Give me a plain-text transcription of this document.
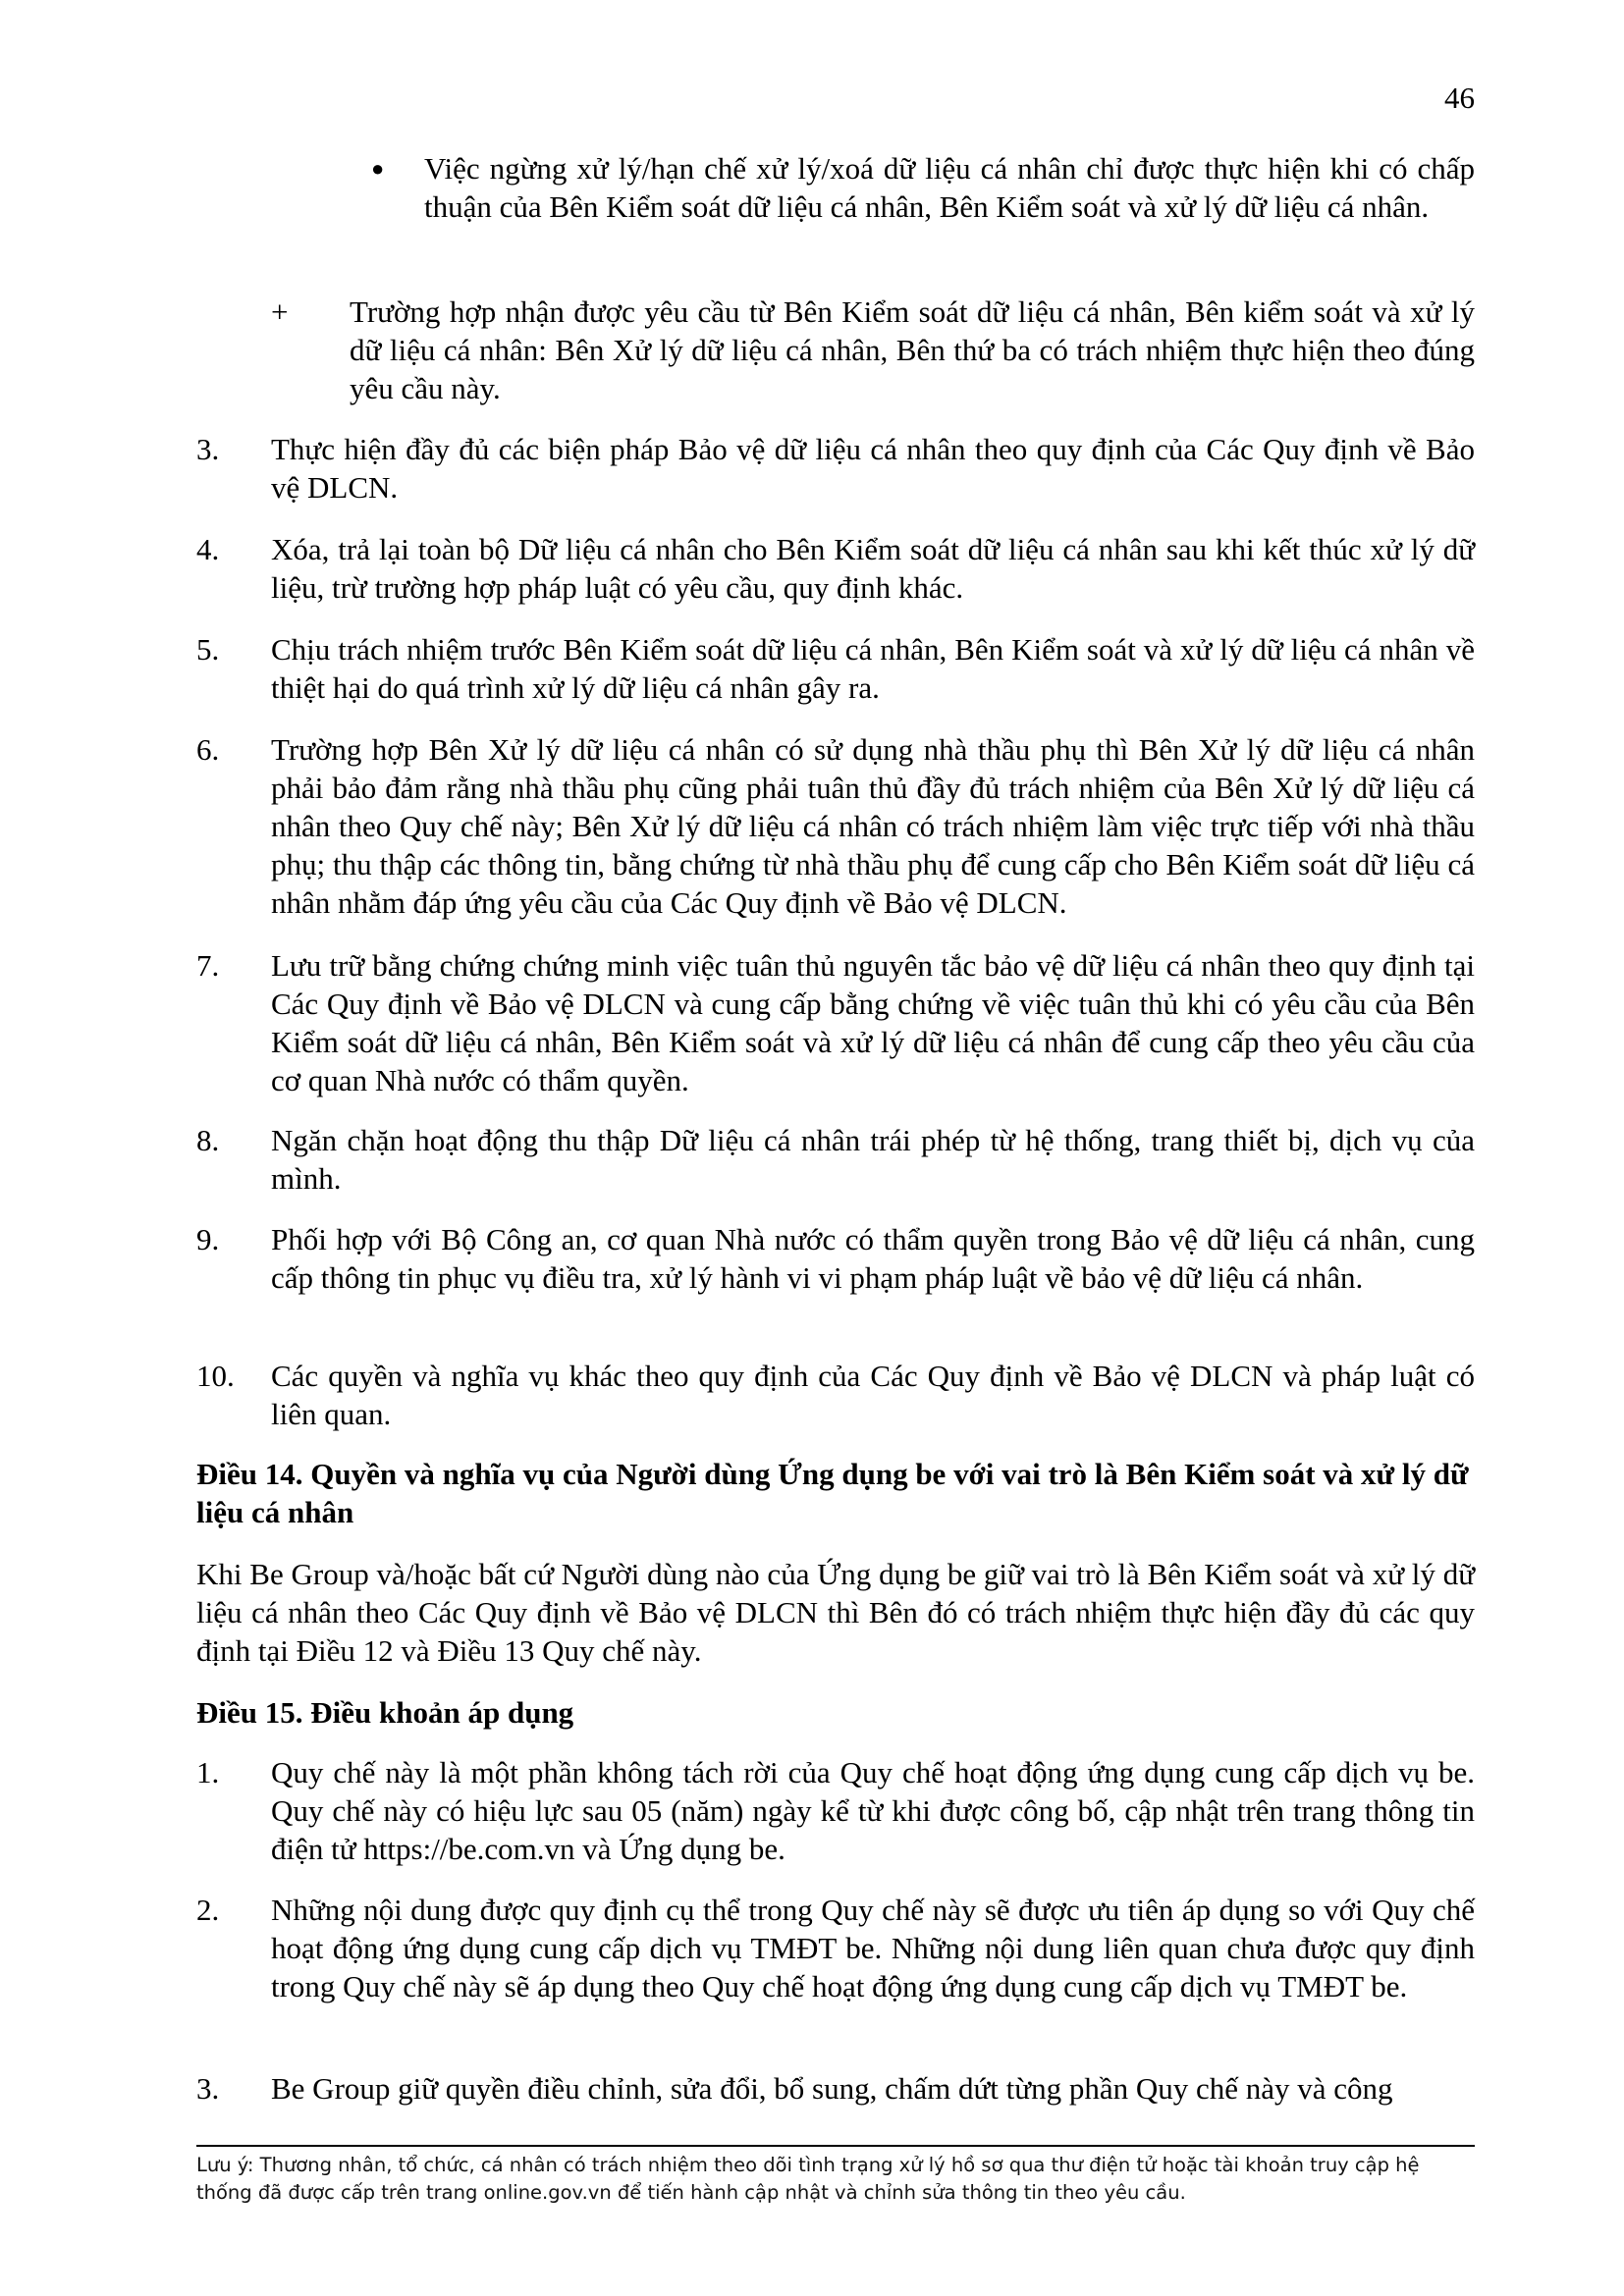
46
● Việc ngừng xử lý/hạn chế xử lý/xoá dữ liệu cá nhân chỉ được thực hiện khi có chấp thuận của Bên Kiểm soát dữ liệu cá nhân, Bên Kiểm soát và xử lý dữ liệu cá nhân.
+ Trường hợp nhận được yêu cầu từ Bên Kiểm soát dữ liệu cá nhân, Bên kiểm soát và xử lý dữ liệu cá nhân: Bên Xử lý dữ liệu cá nhân, Bên thứ ba có trách nhiệm thực hiện theo đúng yêu cầu này.
3.	Thực hiện đầy đủ các biện pháp Bảo vệ dữ liệu cá nhân theo quy định của Các Quy định về Bảo vệ DLCN.
4.	Xóa, trả lại toàn bộ Dữ liệu cá nhân cho Bên Kiểm soát dữ liệu cá nhân sau khi kết thúc xử lý dữ liệu, trừ trường hợp pháp luật có yêu cầu, quy định khác.
5.	Chịu trách nhiệm trước Bên Kiểm soát dữ liệu cá nhân, Bên Kiểm soát và xử lý dữ liệu cá nhân về thiệt hại do quá trình xử lý dữ liệu cá nhân gây ra.
6.	Trường hợp Bên Xử lý dữ liệu cá nhân có sử dụng nhà thầu phụ thì Bên Xử lý dữ liệu cá nhân phải bảo đảm rằng nhà thầu phụ cũng phải tuân thủ đầy đủ trách nhiệm của Bên Xử lý dữ liệu cá nhân theo Quy chế này; Bên Xử lý dữ liệu cá nhân có trách nhiệm làm việc trực tiếp với nhà thầu phụ; thu thập các thông tin, bằng chứng từ nhà thầu phụ để cung cấp cho Bên Kiểm soát dữ liệu cá nhân nhằm đáp ứng yêu cầu của Các Quy định về Bảo vệ DLCN.
7.	Lưu trữ bằng chứng chứng minh việc tuân thủ nguyên tắc bảo vệ dữ liệu cá nhân theo quy định tại Các Quy định về Bảo vệ DLCN và cung cấp bằng chứng về việc tuân thủ khi có yêu cầu của Bên Kiểm soát dữ liệu cá nhân, Bên Kiểm soát và xử lý dữ liệu cá nhân để cung cấp theo yêu cầu của cơ quan Nhà nước có thẩm quyền.
8.	Ngăn chặn hoạt động thu thập Dữ liệu cá nhân trái phép từ hệ thống, trang thiết bị, dịch vụ của mình.
9.	Phối hợp với Bộ Công an, cơ quan Nhà nước có thẩm quyền trong Bảo vệ dữ liệu cá nhân, cung cấp thông tin phục vụ điều tra, xử lý hành vi vi phạm pháp luật về bảo vệ dữ liệu cá nhân.
10.	Các quyền và nghĩa vụ khác theo quy định của Các Quy định về Bảo vệ DLCN và pháp luật có liên quan.
Điều 14. Quyền và nghĩa vụ của Người dùng Ứng dụng be với vai trò là Bên Kiểm soát và xử lý dữ liệu cá nhân
Khi Be Group và/hoặc bất cứ Người dùng nào của Ứng dụng be giữ vai trò là Bên Kiểm soát và xử lý dữ liệu cá nhân theo Các Quy định về Bảo vệ DLCN thì Bên đó có trách nhiệm thực hiện đầy đủ các quy định tại Điều 12 và Điều 13 Quy chế này.
Điều 15. Điều khoản áp dụng
1.	Quy chế này là một phần không tách rời của Quy chế hoạt động ứng dụng cung cấp dịch vụ be. Quy chế này có hiệu lực sau 05 (năm) ngày kể từ khi được công bố, cập nhật trên trang thông tin điện tử https://be.com.vn và Ứng dụng be.
2.	Những nội dung được quy định cụ thể trong Quy chế này sẽ được ưu tiên áp dụng so với Quy chế hoạt động ứng dụng cung cấp dịch vụ TMĐT be. Những nội dung liên quan chưa được quy định trong Quy chế này sẽ áp dụng theo Quy chế hoạt động ứng dụng cung cấp dịch vụ TMĐT be.
3.	Be Group giữ quyền điều chỉnh, sửa đổi, bổ sung, chấm dứt từng phần Quy chế này và công
Lưu ý: Thương nhân, tổ chức, cá nhân có trách nhiệm theo dõi tình trạng xử lý hồ sơ qua thư điện tử hoặc tài khoản truy cập hệ thống đã được cấp trên trang online.gov.vn để tiến hành cập nhật và chỉnh sửa thông tin theo yêu cầu.
